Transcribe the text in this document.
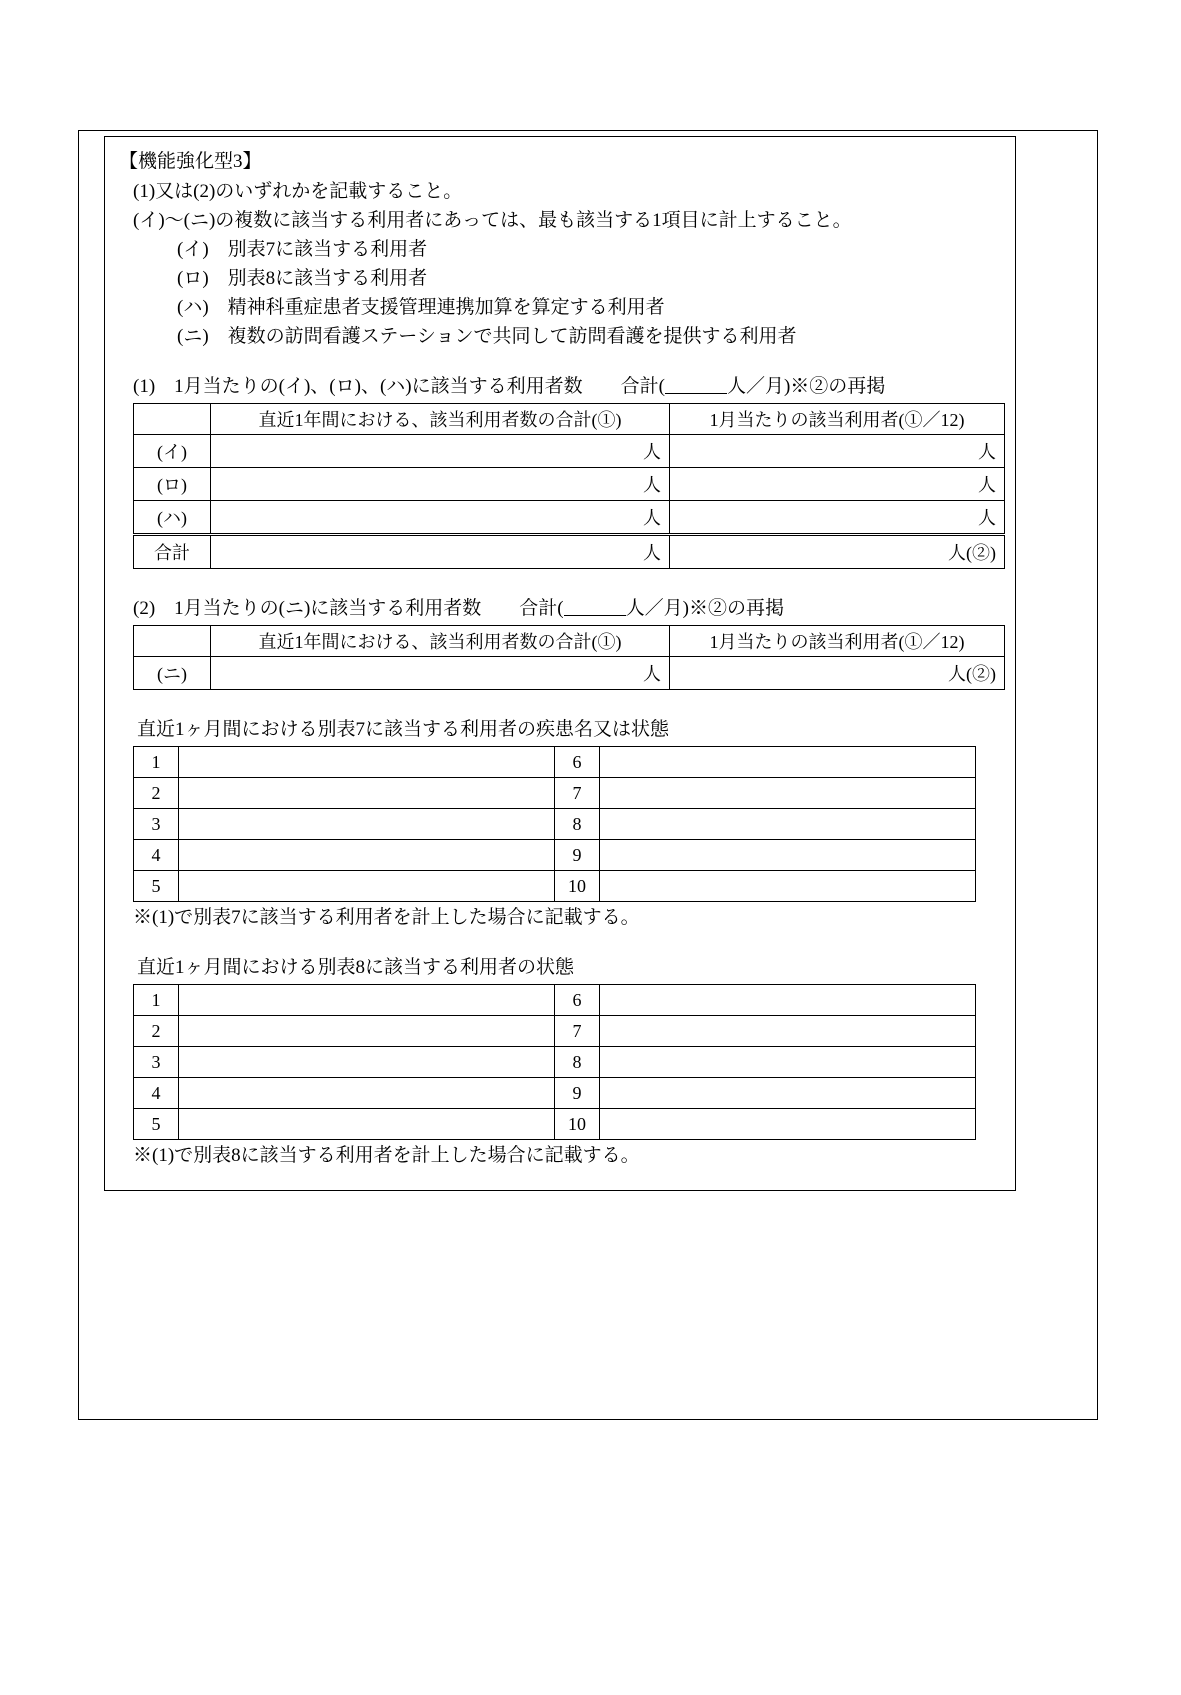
【機能強化型3】
(1)又は(2)のいずれかを記載すること。
(イ)〜(ニ)の複数に該当する利用者にあっては、最も該当する1項目に計上すること。
(イ)　別表7に該当する利用者
(ロ)　別表8に該当する利用者
(ハ)　精神科重症患者支援管理連携加算を算定する利用者
(ニ)　複数の訪問看護ステーションで共同して訪問看護を提供する利用者
(1)　1月当たりの(イ)、(ロ)、(ハ)に該当する利用者数　　合計(	人／月)※②の再掲
	直近1年間における、該当利用者数の合計(①)	1月当たりの該当利用者(①／12)
(イ)	人	人
(ロ)	人	人
(ハ)	人	人
合計	人	人(②)
(2)　1月当たりの(ニ)に該当する利用者数　　合計(	人／月)※②の再掲
	直近1年間における、該当利用者数の合計(①)	1月当たりの該当利用者(①／12)
(ニ)	人	人(②)
直近1ヶ月間における別表7に該当する利用者の疾患名又は状態
1		6	
2		7	
3		8	
4		9	
5		10	
※(1)で別表7に該当する利用者を計上した場合に記載する。
直近1ヶ月間における別表8に該当する利用者の状態
1		6	
2		7	
3		8	
4		9	
5		10	
※(1)で別表8に該当する利用者を計上した場合に記載する。
